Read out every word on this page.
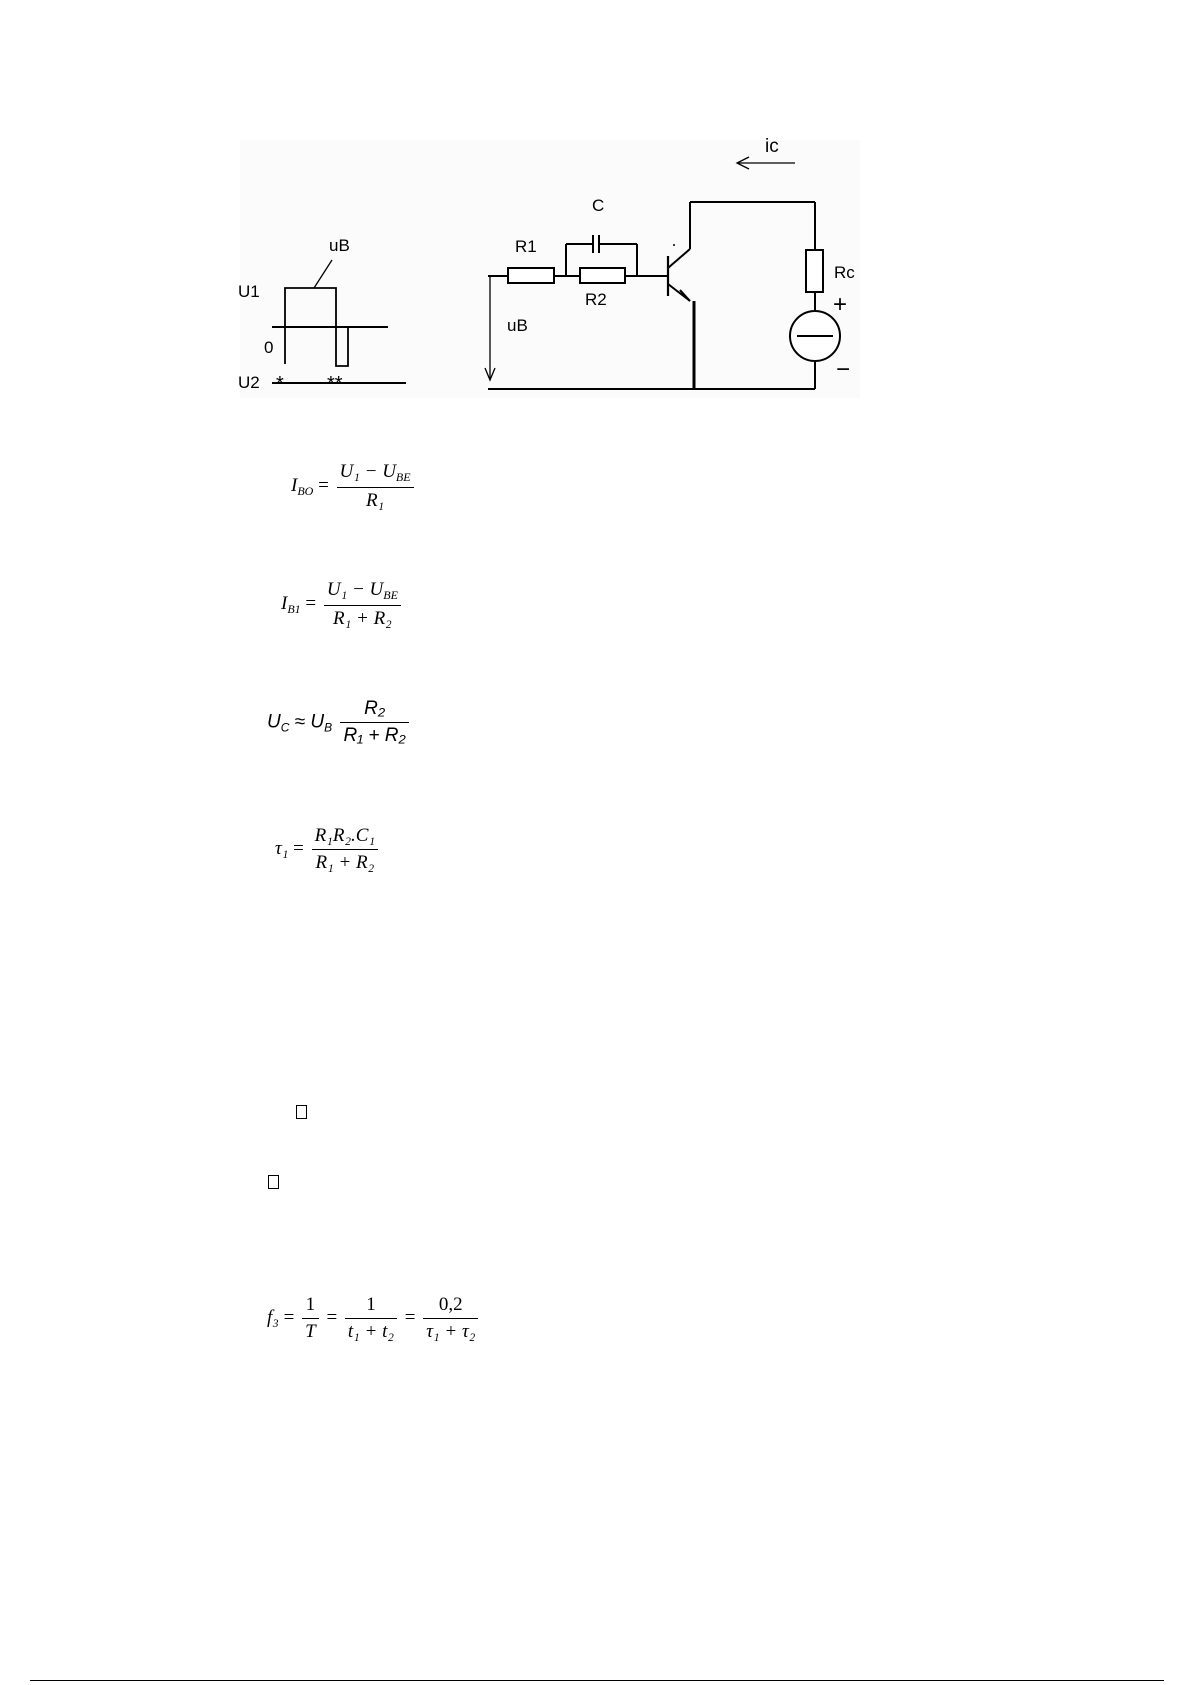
U1
0
U2
uB
* **
ic
C
R1
R2
uB
Rc
+
−
$I_{BO} = \frac{U_1 - U_{BE}}{\text{R₁}}$
$I_{B1} = \frac{U_1 - U_{BE}}{\text{R₁ + R₂}}$
$U_C \approx U_B \frac{\text{R₂}}{\text{R₁ + R₂}}$
$\tau_1 = \frac{\text{R₁R₂.C₁}}{\text{R₁ + R₂}}$
$f_3 = \frac{1}{T} = \frac{1}{\text{t₁ + t₂}} = \frac{0,2}{\text{τ₁ + τ₂}}$
